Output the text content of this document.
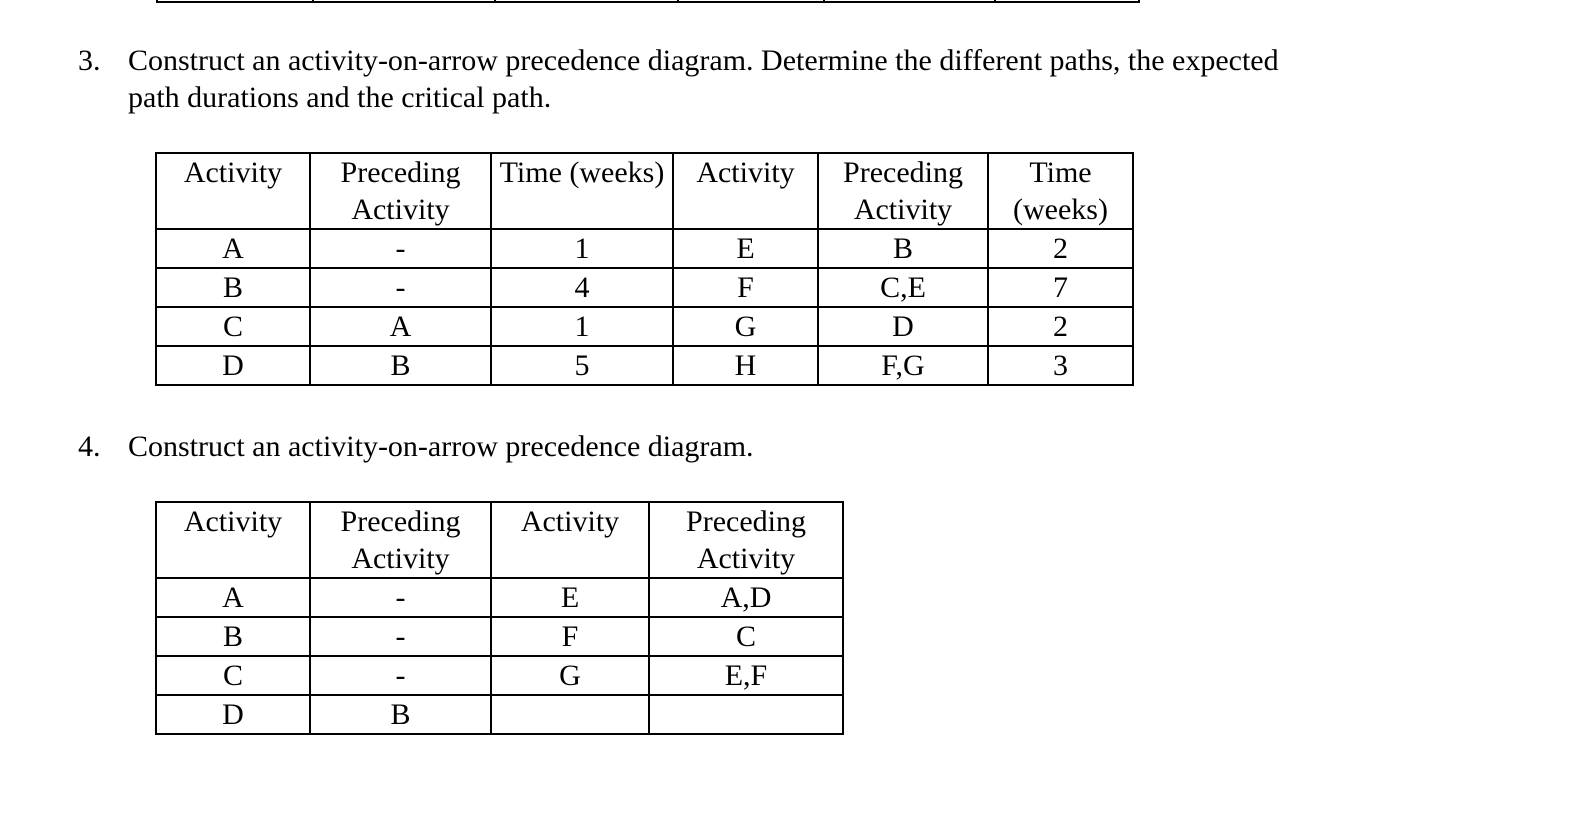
3. Construct an activity-on-arrow precedence diagram. Determine the different paths, the expected path durations and the critical path.
Activity	Preceding Activity	Time (weeks)	Activity	Preceding Activity	Time (weeks)
A	-	1	E	B	2
B	-	4	F	C,E	7
C	A	1	G	D	2
D	B	5	H	F,G	3
4. Construct an activity-on-arrow precedence diagram.
Activity	Preceding Activity	Activity	Preceding Activity
A	-	E	A,D
B	-	F	C
C	-	G	E,F
D	B		
